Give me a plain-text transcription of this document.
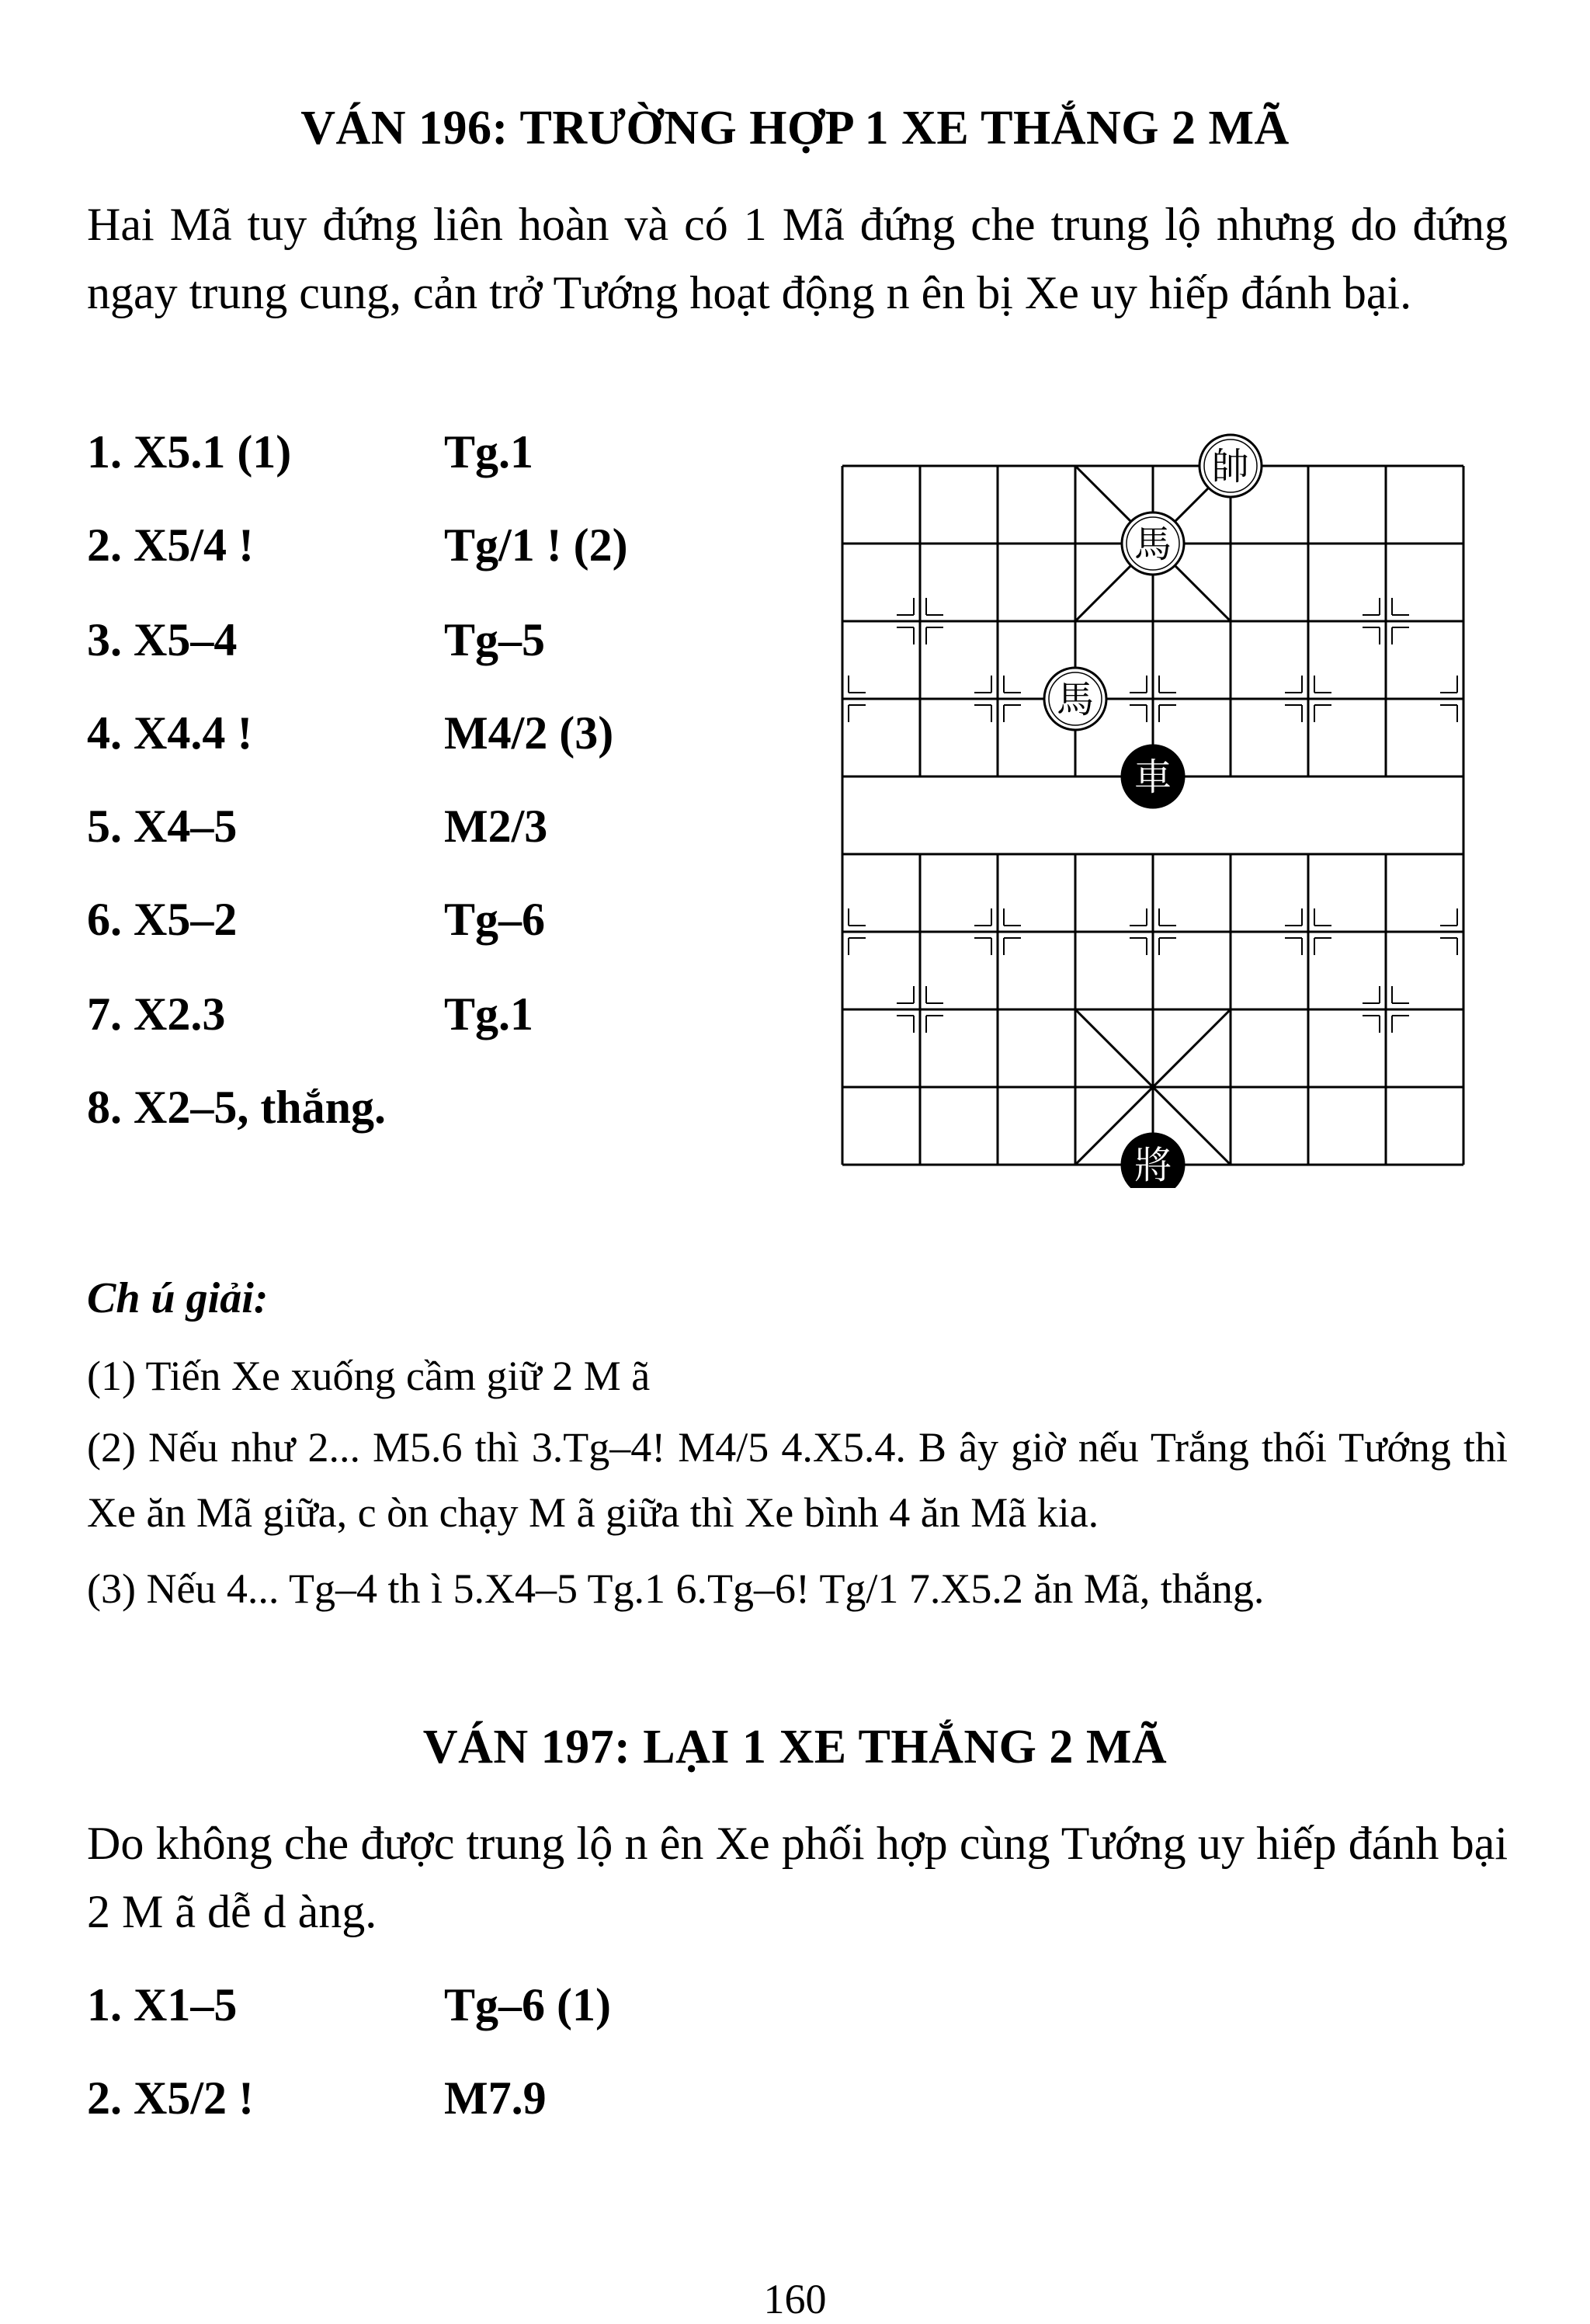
VÁN 196: TRƯỜNG HỢP 1 XE THẮNG 2 MÃ
Hai Mã tuy đứng liên hoàn và có 1 Mã đứng che trung lộ nhưng do đứng ngay trung cung, cản trở Tướng hoạt động n ên bị Xe uy hiếp đánh bại.
1. X5.1 (1)	Tg.1
2. X5/4 !	Tg/1 ! (2)
3. X5–4	Tg–5
4. X4.4 !	M4/2 (3)
5. X4–5	M2/3
6. X5–2	Tg–6
7. X2.3	Tg.1
8. X2–5, thắng.
帥
馬
馬
車
將
Ch ú giải:
(1) Tiến Xe xuống cầm giữ 2 M ã
(2) Nếu như 2... M5.6 thì 3.Tg–4! M4/5 4.X5.4. B ây giờ nếu Trắng thối Tướng thì Xe ăn Mã giữa, c òn chạy M ã giữa thì Xe bình 4 ăn Mã kia.
(3) Nếu 4... Tg–4 th ì 5.X4–5 Tg.1 6.Tg–6! Tg/1 7.X5.2 ăn Mã, thắng.
VÁN 197: LẠI 1 XE THẮNG 2 MÃ
Do không che được trung lộ n ên Xe phối hợp cùng Tướng uy hiếp đánh bại 2 M ã dễ d àng.
1. X1–5	Tg–6 (1)
2. X5/2 !	M7.9
160
